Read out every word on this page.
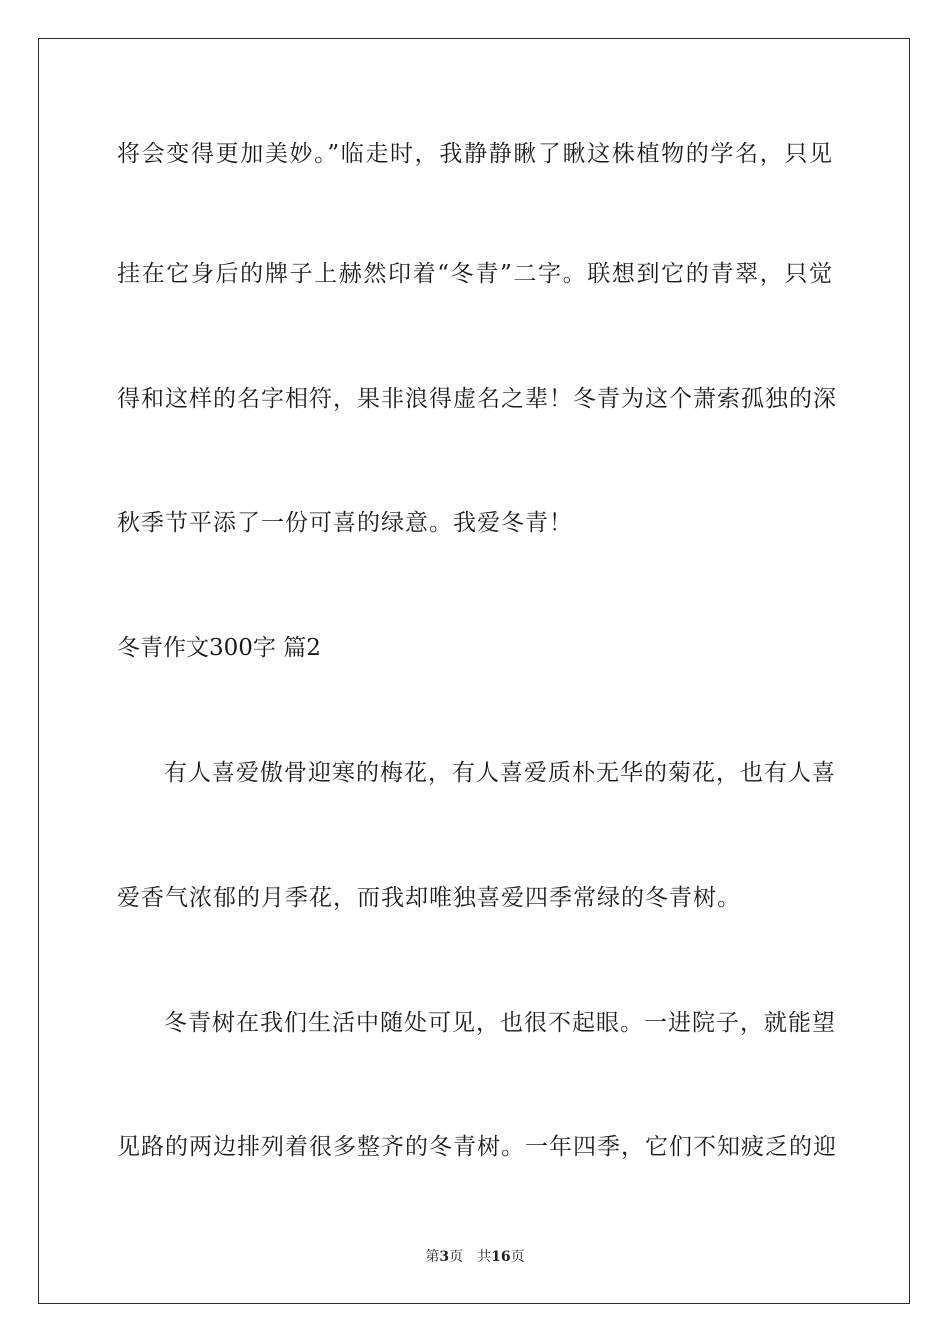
将会变得更加美妙。”临走时，我静静瞅了瞅这株植物的学名，只见
挂在它身后的牌子上赫然印着“冬青”二字。联想到它的青翠，只觉
得和这样的名字相符，果非浪得虚名之辈！冬青为这个萧索孤独的深
秋季节平添了一份可喜的绿意。我爱冬青！
冬青作文300字 篇2
有人喜爱傲骨迎寒的梅花，有人喜爱质朴无华的菊花，也有人喜
爱香气浓郁的月季花，而我却唯独喜爱四季常绿的冬青树。
冬青树在我们生活中随处可见，也很不起眼。一进院子，就能望
见路的两边排列着很多整齐的冬青树。一年四季，它们不知疲乏的迎
第3页　共16页
